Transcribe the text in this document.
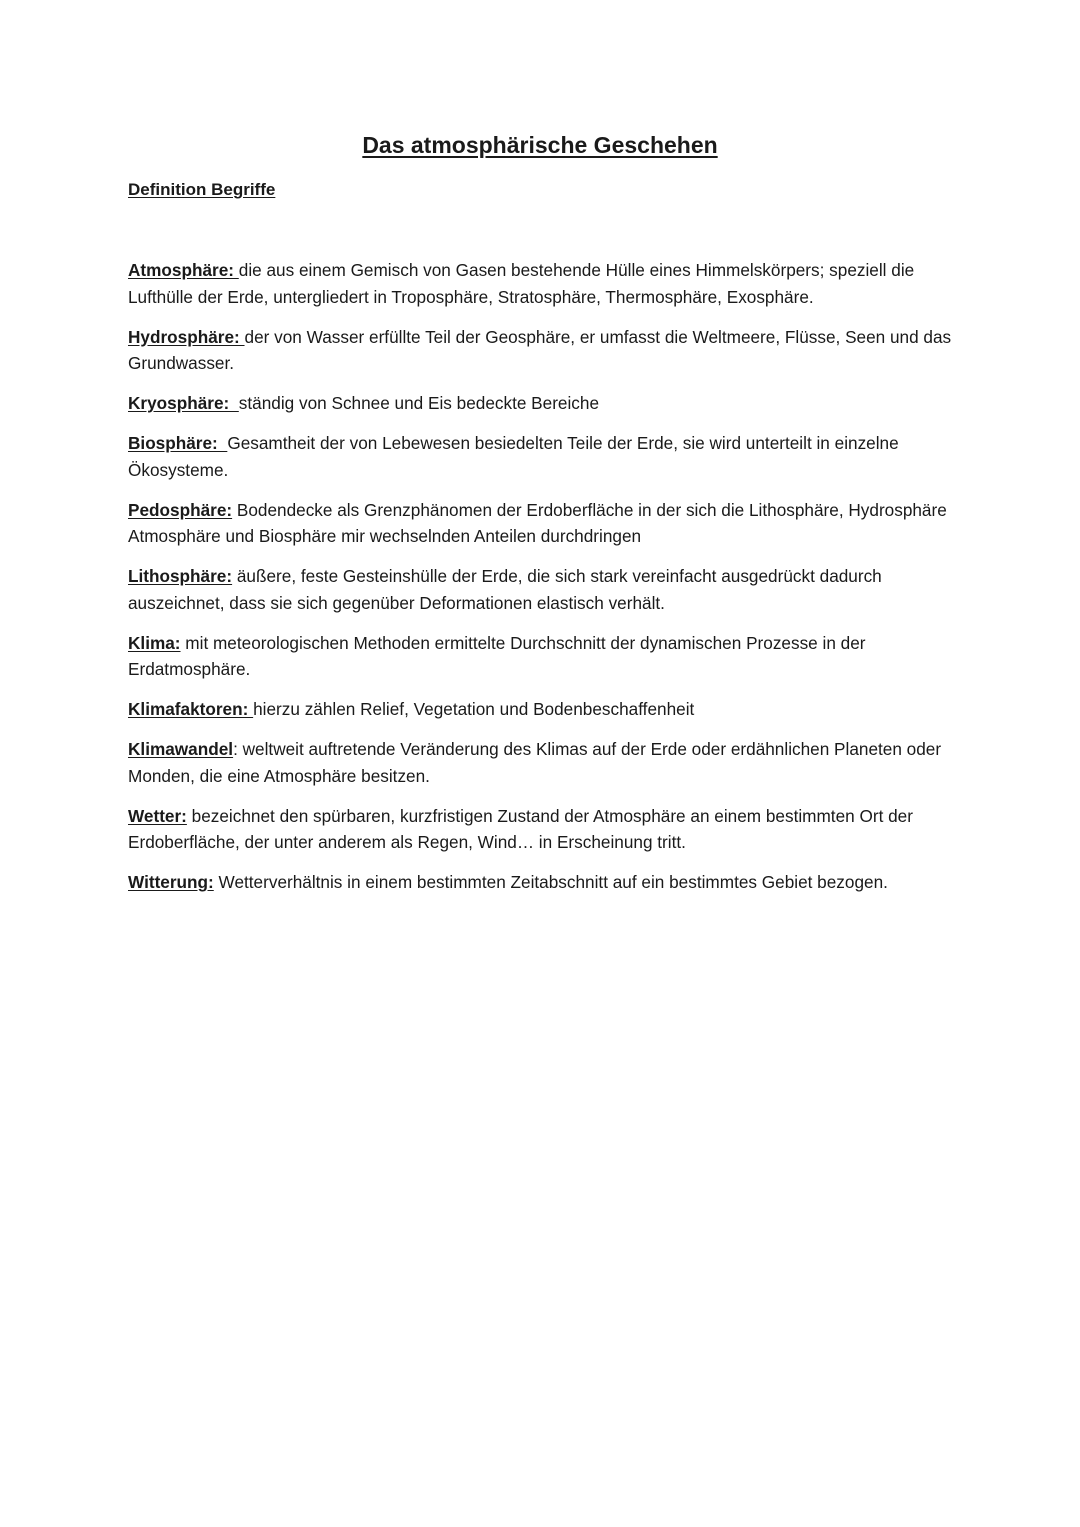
Das atmosphärische Geschehen
Definition Begriffe

Atmosphäre: die aus einem Gemisch von Gasen bestehende Hülle eines Himmelskörpers; speziell die Lufthülle der Erde, untergliedert in Troposphäre, Stratosphäre, Thermosphäre, Exosphäre.

Hydrosphäre: der von Wasser erfüllte Teil der Geosphäre, er umfasst die Weltmeere, Flüsse, Seen und das Grundwasser.

Kryosphäre:  ständig von Schnee und Eis bedeckte Bereiche

Biosphäre:  Gesamtheit der von Lebewesen besiedelten Teile der Erde, sie wird unterteilt in einzelne Ökosysteme.

Pedosphäre: Bodendecke als Grenzphänomen der Erdoberfläche in der sich die Lithosphäre, Hydrosphäre Atmosphäre und Biosphäre mir wechselnden Anteilen durchdringen

Lithosphäre: äußere, feste Gesteinshülle der Erde, die sich stark vereinfacht ausgedrückt dadurch auszeichnet, dass sie sich gegenüber Deformationen elastisch verhält.

Klima: mit meteorologischen Methoden ermittelte Durchschnitt der dynamischen Prozesse in der Erdatmosphäre.

Klimafaktoren: hierzu zählen Relief, Vegetation und Bodenbeschaffenheit

Klimawandel: weltweit auftretende Veränderung des Klimas auf der Erde oder erdähnlichen Planeten oder Monden, die eine Atmosphäre besitzen.

Wetter: bezeichnet den spürbaren, kurzfristigen Zustand der Atmosphäre an einem bestimmten Ort der Erdoberfläche, der unter anderem als Regen, Wind… in Erscheinung tritt.

Witterung: Wetterverhältnis in einem bestimmten Zeitabschnitt auf ein bestimmtes Gebiet bezogen.
